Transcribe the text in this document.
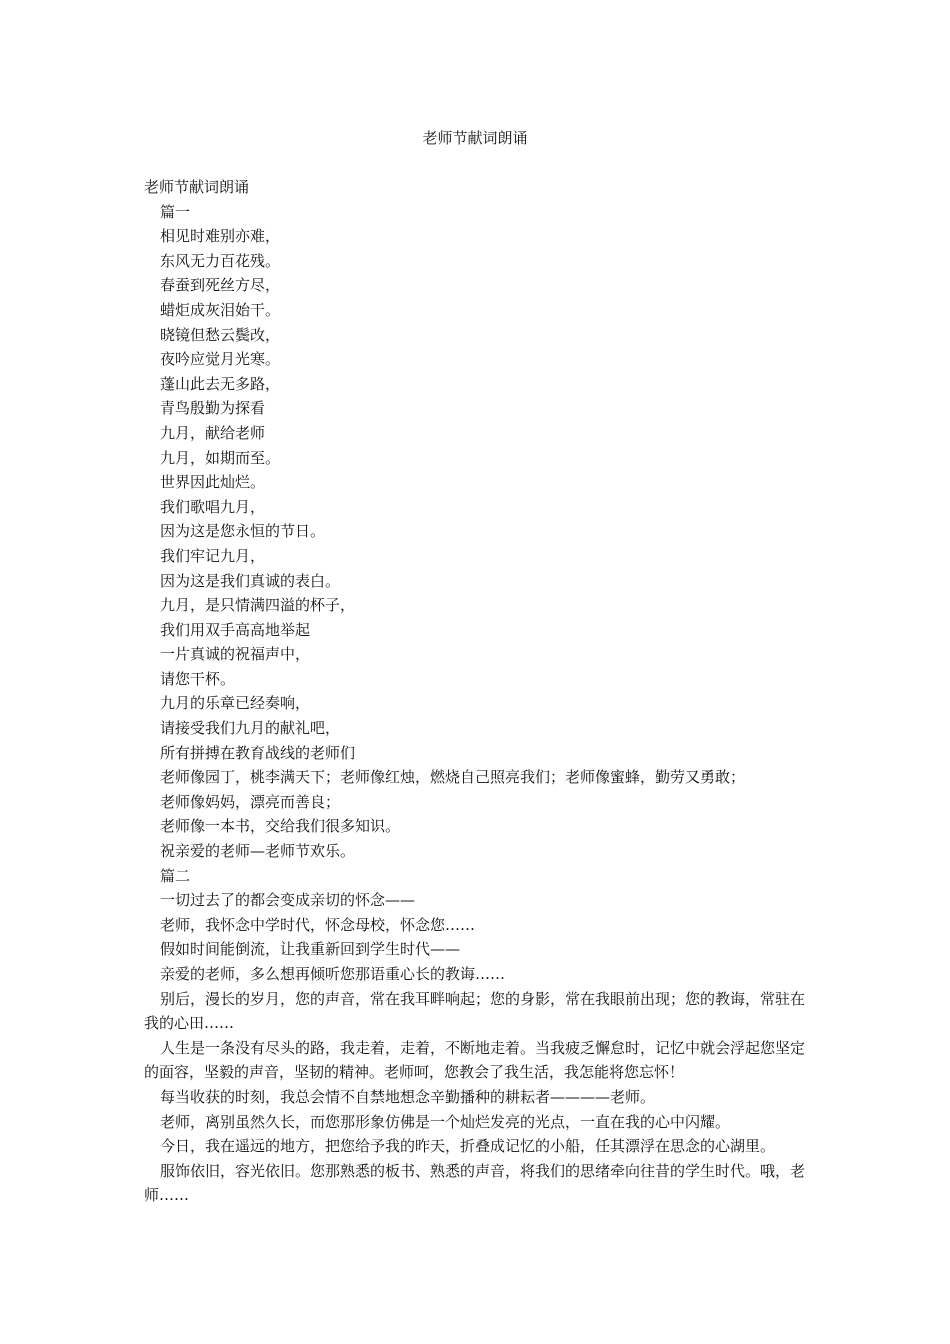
老师节献词朗诵

老师节献词朗诵

篇一

相见时难别亦难，

东风无力百花残。

春蚕到死丝方尽，

蜡炬成灰泪始干。

晓镜但愁云鬓改，

夜吟应觉月光寒。

蓬山此去无多路，

青鸟殷勤为探看

九月，献给老师

九月，如期而至。

世界因此灿烂。

我们歌唱九月，

因为这是您永恒的节日。

我们牢记九月，

因为这是我们真诚的表白。

九月，是只情满四溢的杯子，

我们用双手高高地举起

一片真诚的祝福声中，

请您干杯。

九月的乐章已经奏响，

请接受我们九月的献礼吧，

所有拼搏在教育战线的老师们

老师像园丁，桃李满天下；老师像红烛，燃烧自己照亮我们；老师像蜜蜂，勤劳又勇敢；

老师像妈妈，漂亮而善良；

老师像一本书，交给我们很多知识。

祝亲爱的老师—老师节欢乐。

篇二

一切过去了的都会变成亲切的怀念——

老师，我怀念中学时代，怀念母校，怀念您……

假如时间能倒流，让我重新回到学生时代——

亲爱的老师，多么想再倾听您那语重心长的教诲……

别后，漫长的岁月，您的声音，常在我耳畔响起；您的身影，常在我眼前出现；您的教诲，常驻在我的心田……

人生是一条没有尽头的路，我走着，走着，不断地走着。当我疲乏懈怠时，记忆中就会浮起您坚定的面容，坚毅的声音，坚韧的精神。老师呵，您教会了我生活，我怎能将您忘怀！

每当收获的时刻，我总会情不自禁地想念辛勤播种的耕耘者————老师。

老师，离别虽然久长，而您那形象仿佛是一个灿烂发亮的光点，一直在我的心中闪耀。

今日，我在遥远的地方，把您给予我的昨天，折叠成记忆的小船，任其漂浮在思念的心湖里。

服饰依旧，容光依旧。您那熟悉的板书、熟悉的声音，将我们的思绪牵向往昔的学生时代。哦，老师……
